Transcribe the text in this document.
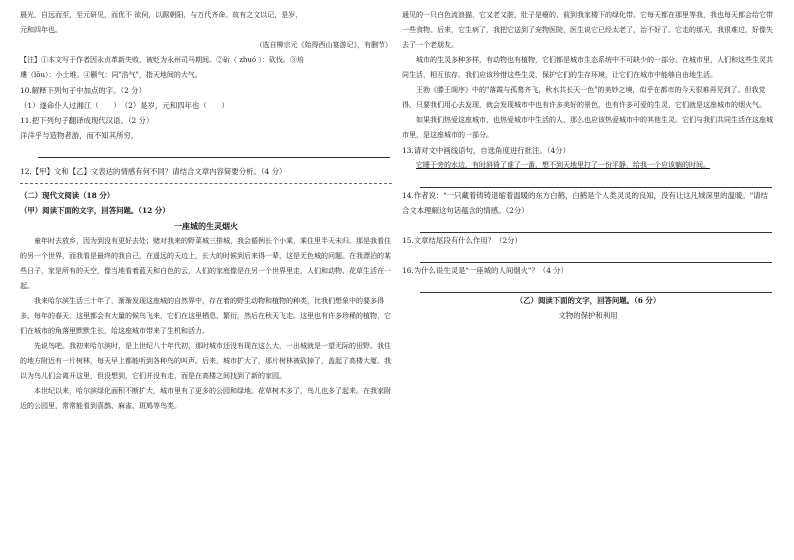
晨光，自远而至，至元研见，而优不 欲伺，以踞朝阳，与万代齐命。故有之文以记，是岁，

元和四年也。

（选自柳宗元《始得西山宴游记》，有删节）

【注】①本文写于作者因永贞革新失败，被贬为永州司马期间。②斫（ zhuó ）：砍伐。③培

塿（lǒu）：小土堆。④颢气：同"浩气"，指天地间的大气。

10.解释下列句子中加点的字。（2 分）

（1）遂命仆人过湘江（　　）　（2）是岁，元和四年也（　　）

11.把下列句子翻译成现代汉语。（2 分）

洋洋乎与造物者游，而不知其所穷。

12.【甲】文和【乙】文表达的情感有何不同？请结合文章内容简要分析。（4 分）

（二）现代文阅读（18 分）

（甲）阅读下面的文字，回答问题。（12 分）

一座城的生灵烟火

童年时去放乡，因为到没有更好去处；赌对我来的野菜城三排城，我会循例长个小乘，乘住里半天未归。那是我看住的另一个世界，而我看是最终的我自己，在遥远的天边上，长大的时候到后来得一辈，这是无色城的问题。在我漂泊的某些日子，家是所有的天空，像当地看着蓝天和白色的云，人们的家庭像是在另一个世界里走，人们和动物、花草生活在一起。

我来哈尔滨生活三十年了，渐渐发现这座城的自然界中，存在着的野生动物和植物的种类，比我们想象中的要多得多。每年的春天，这里都会有大量的候鸟飞来，它们在这里栖息、繁衍，然后在秋天飞走。这里也有许多珍稀的植物，它们在城市的角落里默默生长，给这座城市带来了生机和活力。

先说鸟吧。我初来哈尔滨时，是上世纪八十年代初，那时城市还没有现在这么大，一出城就是一望无际的田野。我住的地方附近有一片树林，每天早上都能听到各种鸟的叫声。后来，城市扩大了，那片树林被砍掉了，盖起了高楼大厦。我以为鸟儿们会离开这里，但没想到，它们并没有走，而是在高楼之间找到了新的家园。

本世纪以来，哈尔滨绿化面积不断扩大，城市里有了更多的公园和绿地。花草树木多了，鸟儿也多了起来。在我家附近的公园里，常常能看到喜鹊、麻雀、斑鸠等鸟类。

通见的一只白色流浪猫，它又老又脏，肚子是瘪的，前到我家楼下的绿化带。它每天都在那里等我，我也每天都会给它带一些食物。后来，它生病了，我把它送到了宠物医院，医生说它已经太老了，治不好了。它走的那天，我很难过，好像失去了一个老朋友。

城市的生灵多种多样，有动物也有植物，它们都是城市生态系统中不可缺少的一部分。在城市里，人们和这些生灵共同生活，相互依存。我们应该珍惜这些生灵，保护它们的生存环境，让它们在城市中能够自由地生活。

王勃《滕王阁序》中的"落霞与孤鹜齐飞，秋水共长天一色"的美妙之境，似乎在都市的今天很难再见到了。但我觉得，只要我们用心去发现，就会发现城市中也有许多美好的景色，也有许多可爱的生灵，它们就是这座城市的烟火气。

如果我们热爱这座城市，也热爱城市中生活的人，那么也应该热爱城市中的其他生灵。它们与我们共同生活在这座城市里，是这座城市的一部分。

13.请对文中画线语句，自选角度进行批注。（4分）

它睡于旁的水边，有时斜倚了谁了一番，想不到天地里打了一份平静，给我一个应该躺的时间。

14.作者说："一只藏着铸铸退缩着温暖的东方白鹤，白鹤是个人类灵灵的良知，没有让这凡城深里的温暖。"请结合文本理解这句话蕴含的情感。（2分）

15.文章结尾段有什么作用？（2分）

16.为什么说生灵是"一座城的人间烟火"？（4 分）

（乙）阅读下面的文字，回答问题。（6 分）

文物的保护和利用
